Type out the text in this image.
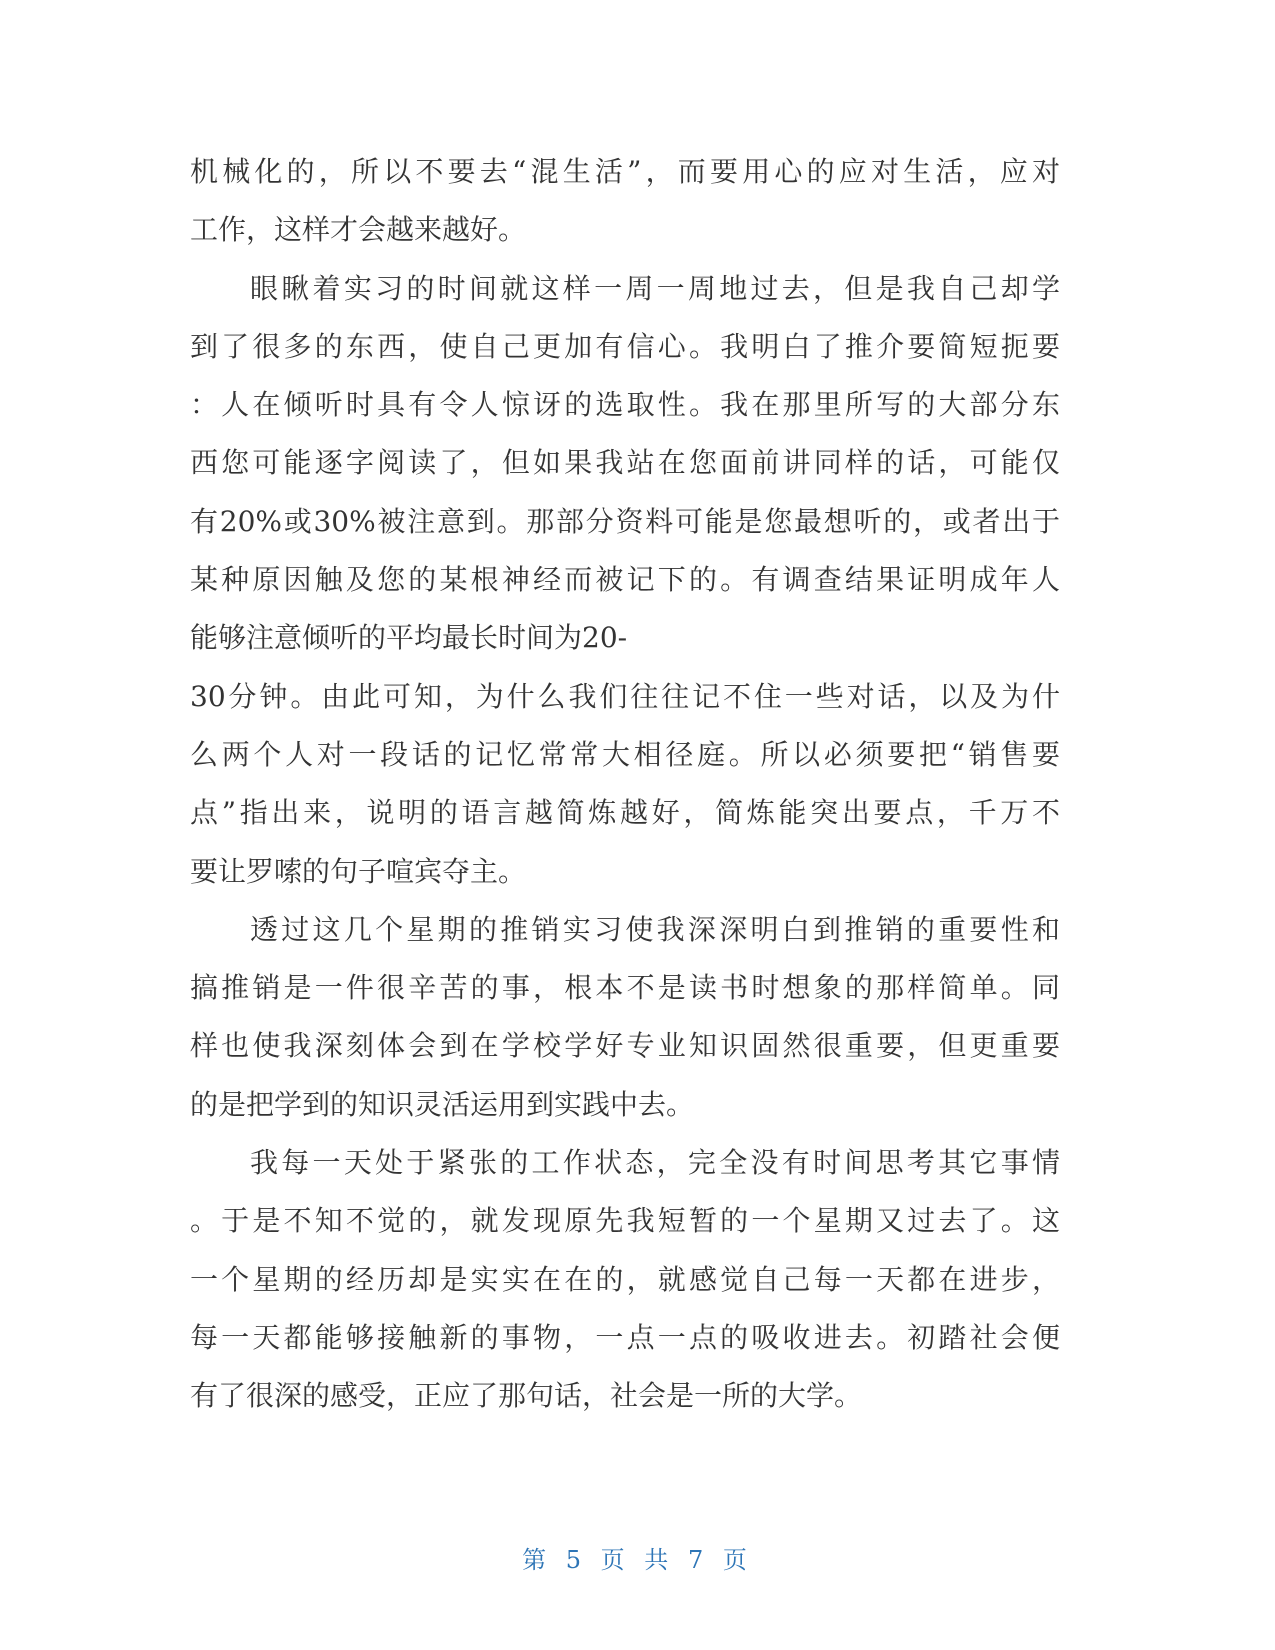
机械化的，所以不要去“混生活”，而要用心的应对生活，应对
工作，这样才会越来越好。
眼瞅着实习的时间就这样一周一周地过去，但是我自己却学
到了很多的东西，使自己更加有信心。我明白了推介要简短扼要
：人在倾听时具有令人惊讶的选取性。我在那里所写的大部分东
西您可能逐字阅读了，但如果我站在您面前讲同样的话，可能仅
有20%或30%被注意到。那部分资料可能是您最想听的，或者出于
某种原因触及您的某根神经而被记下的。有调查结果证明成年人
能够注意倾听的平均最长时间为20-
30分钟。由此可知，为什么我们往往记不住一些对话，以及为什
么两个人对一段话的记忆常常大相径庭。所以必须要把“销售要
点”指出来，说明的语言越简炼越好，简炼能突出要点，千万不
要让罗嗦的句子喧宾夺主。
透过这几个星期的推销实习使我深深明白到推销的重要性和
搞推销是一件很辛苦的事，根本不是读书时想象的那样简单。同
样也使我深刻体会到在学校学好专业知识固然很重要，但更重要
的是把学到的知识灵活运用到实践中去。
我每一天处于紧张的工作状态，完全没有时间思考其它事情
。于是不知不觉的，就发现原先我短暂的一个星期又过去了。这
一个星期的经历却是实实在在的，就感觉自己每一天都在进步，
每一天都能够接触新的事物，一点一点的吸收进去。初踏社会便
有了很深的感受，正应了那句话，社会是一所的大学。
第 5 页 共 7 页
